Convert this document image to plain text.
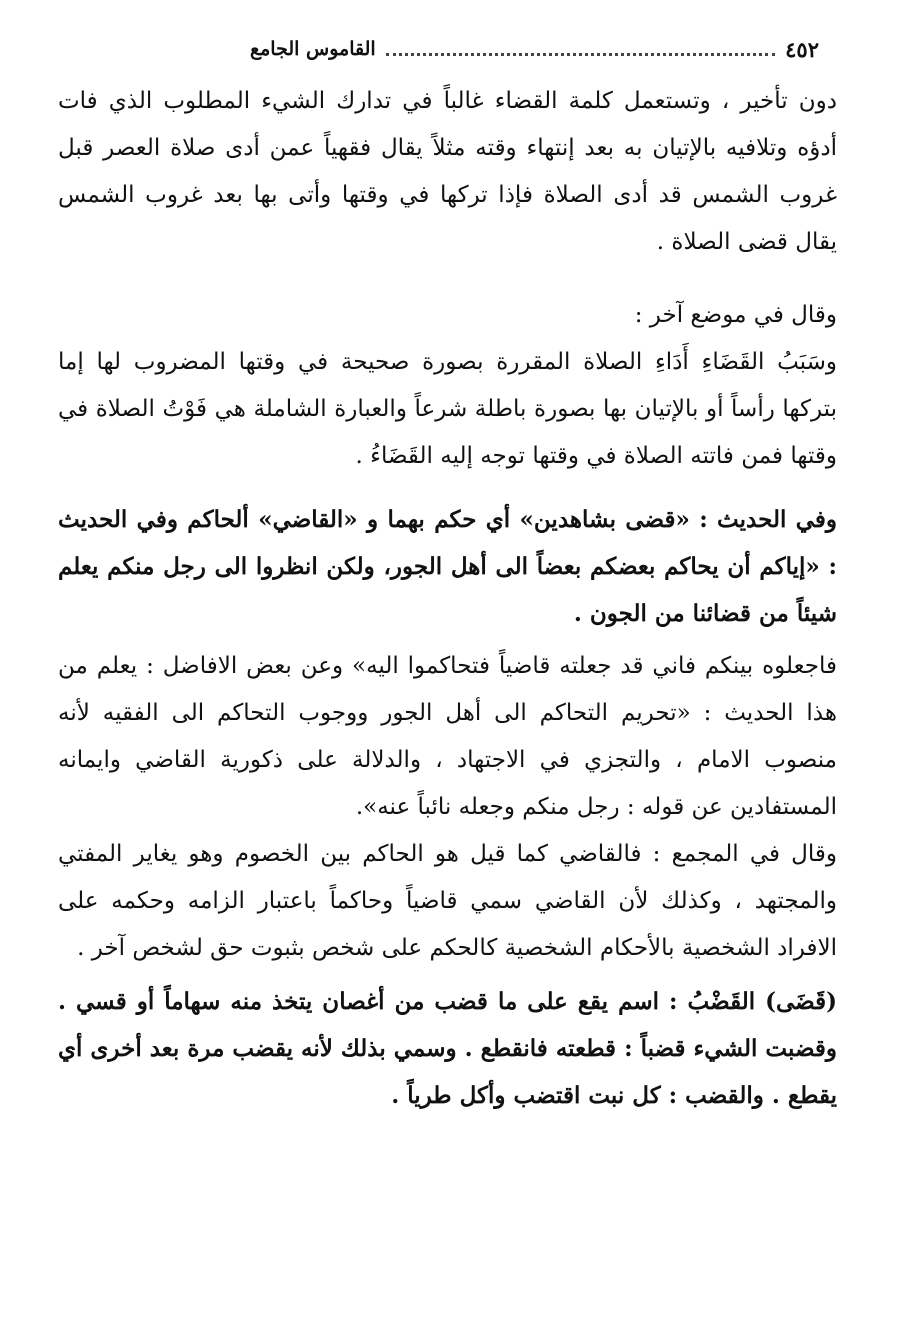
٤٥٢
القاموس الجامع

دون تأخير ، وتستعمل كلمة القضاء غالباً في تدارك الشيء المطلوب الذي فات أدؤه وتلافيه بالإتيان به بعد إنتهاء وقته مثلاً يقال فقهياً عمن أدى صلاة العصر قبل غروب الشمس قد أدى الصلاة فإذا تركها في وقتها وأتى بها بعد غروب الشمس يقال قضى الصلاة .

وقال في موضع آخر :

وسَبَبُ القَضَاءِ أَدَاءِ الصلاة المقررة بصورة صحيحة في وقتها المضروب لها إما بتركها رأساً أو بالإتيان بها بصورة باطلة شرعاً والعبارة الشاملة هي فَوْتُ الصلاة في وقتها فمن فاتته الصلاة في وقتها توجه إليه القَضَاءُ .

وفي الحديث : «قضى بشاهدين» أي حكم بهما و «القاضي» ألحاكم وفي الحديث : «إياكم أن يحاكم بعضكم بعضاً الى أهل الجور، ولكن انظروا الى رجل منكم يعلم شيئاً من قضائنا من الجون .

فاجعلوه بينكم فاني قد جعلته قاضياً فتحاكموا اليه» وعن بعض الافاضل : يعلم من هذا الحديث : «تحريم التحاكم الى أهل الجور ووجوب التحاكم الى الفقيه لأنه منصوب الامام ، والتجزي في الاجتهاد ، والدلالة على ذكورية القاضي وايمانه المستفادين عن قوله : رجل منكم وجعله نائباً عنه».

وقال في المجمع : فالقاضي كما قيل هو الحاكم بين الخصوم وهو يغاير المفتي والمجتهد ، وكذلك لأن القاضي سمي قاضياً وحاكماً باعتبار الزامه وحكمه على الافراد الشخصية بالأحكام الشخصية كالحكم على شخص بثبوت حق لشخص آخر .

(قَضَى) القَضْبُ : اسم يقع على ما قضب من أغصان يتخذ منه سهاماً أو قسي . وقضبت الشيء قضباً : قطعته فانقطع . وسمي بذلك لأنه يقضب مرة بعد أخرى أي يقطع . والقضب : كل نبت اقتضب وأكل طرياً .
